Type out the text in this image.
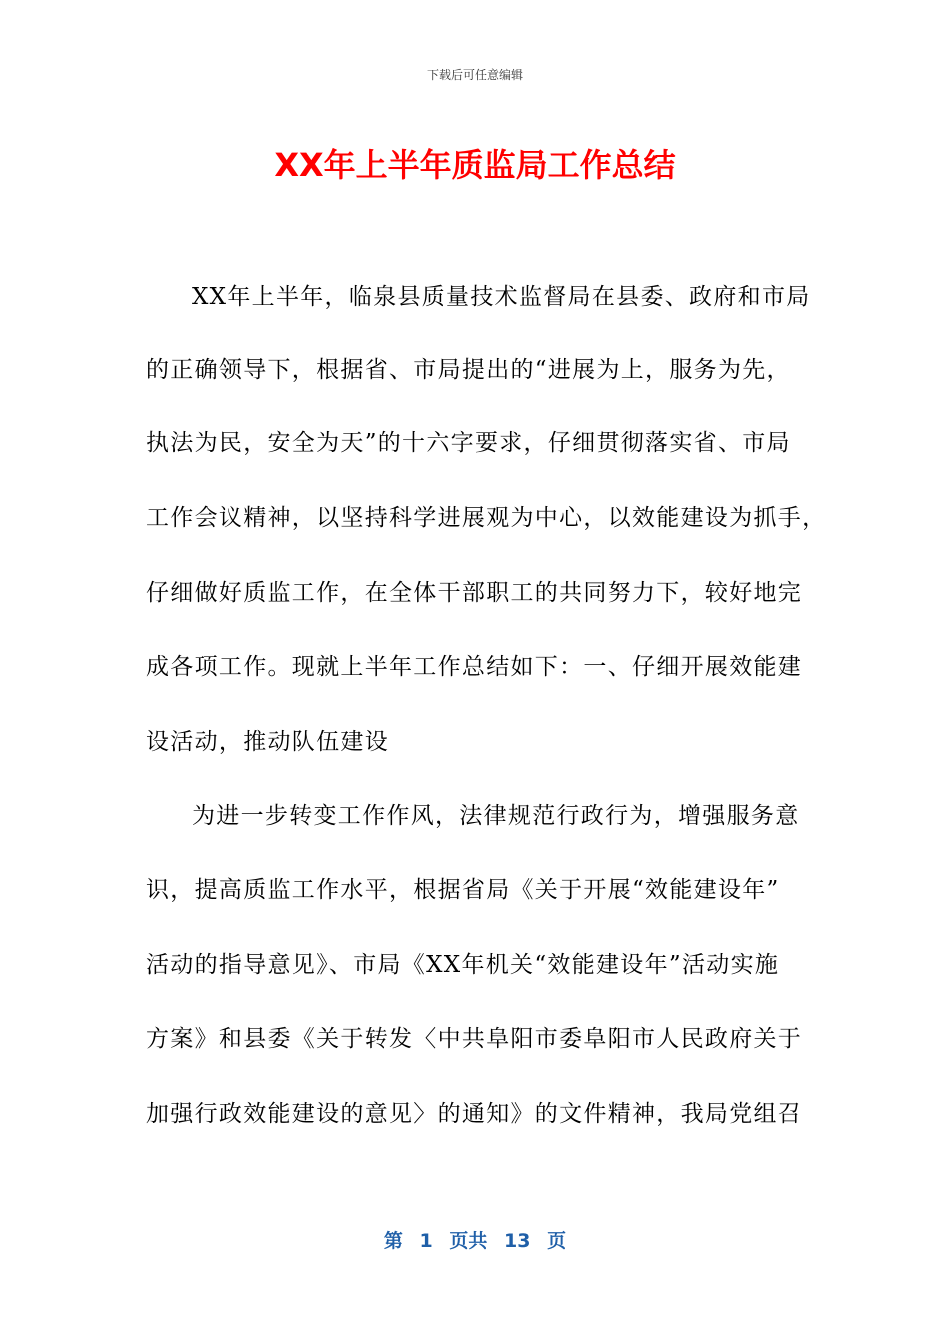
下载后可任意编辑
XX年上半年质监局工作总结
XX年上半年，临泉县质量技术监督局在县委、政府和市局
的正确领导下，根据省、市局提出的“进展为上，服务为先，
执法为民，安全为天”的十六字要求，仔细贯彻落实省、市局
工作会议精神，以坚持科学进展观为中心，以效能建设为抓手，
仔细做好质监工作，在全体干部职工的共同努力下，较好地完
成各项工作。现就上半年工作总结如下：一、仔细开展效能建
设活动，推动队伍建设
为进一步转变工作作风，法律规范行政行为，增强服务意
识，提高质监工作水平，根据省局《关于开展“效能建设年”
活动的指导意见》、市局《XX年机关“效能建设年”活动实施
方案》和县委《关于转发〈中共阜阳市委阜阳市人民政府关于
加强行政效能建设的意见〉的通知》的文件精神，我局党组召
第 1 页共 13 页
